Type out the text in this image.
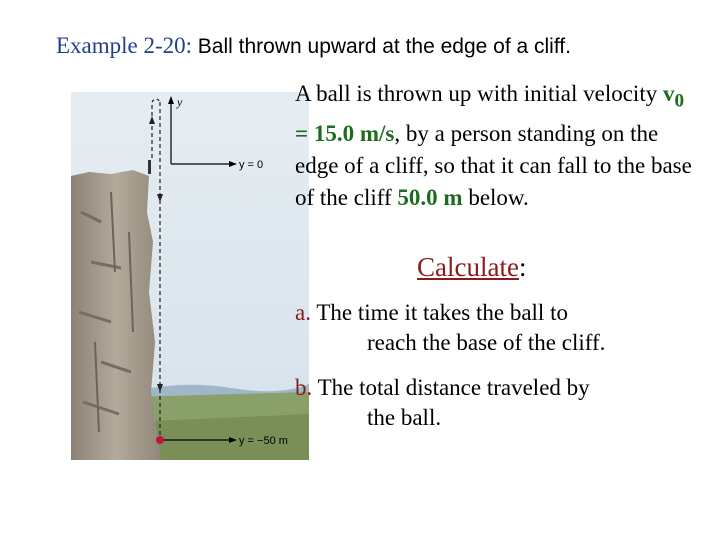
Example 2-20: Ball thrown upward at the edge of a cliff.
y
y = 0
y = −50 m
A ball is thrown up with initial velocity $v_0 = 15.0$ m/s, by a person standing on the edge of a cliff, so that it can fall to the base of the cliff 50.0 m below.
Calculate:
a. The time it takes the ball to
reach the base of the cliff.
b. The total distance traveled by
the ball.
